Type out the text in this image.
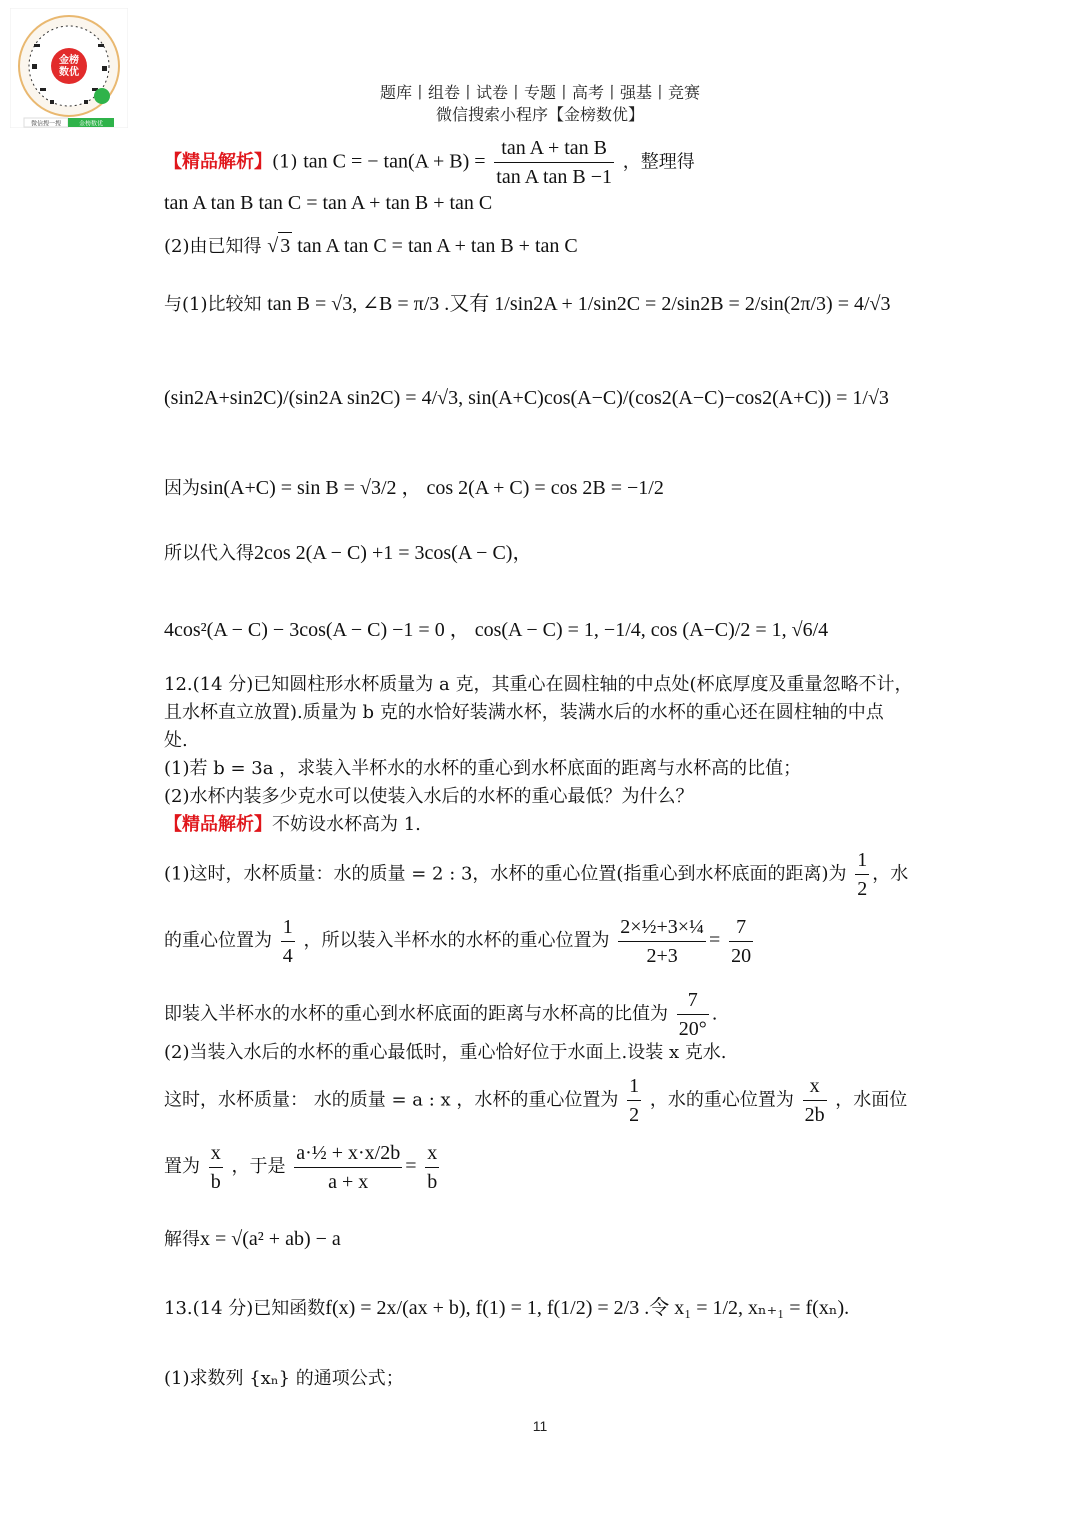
金榜
数优
微信搜一搜	金榜数优
题库丨组卷丨试卷丨专题丨高考丨强基丨竞赛
微信搜索小程序【金榜数优】
【精品解析】(1) tan C = − $\tan(A + B) = \frac{\text{tan A + tan B}}{\text{tan A tan B −1}}$ ，整理得
tan A tan B tan C = tan A + tan B + tan C
(2)由已知得 √ 3 tan A tan C = tan A + tan B + tan C
与(1)比较知 tan B = √3, ∠B = π/3 .又有 1/sin2A + 1/sin2C = 2/sin2B = 2/sin(2π/3) = 4/√3
(sin2A+sin2C)/(sin2A sin2C) = 4/√3, sin(A+C)cos(A−C)/(cos2(A−C)−cos2(A+C)) = 1/√3
因为sin(A+C) = sin B = √3/2 ， cos 2(A + C) = cos 2B = −1/2
所以代入得2cos 2(A − C) +1 = 3cos(A − C)，
4cos²(A − C) − 3cos(A − C) −1 = 0 ， cos(A − C) = 1, −1/4, cos (A−C)/2 = 1, √6/4
12.(14 分)已知圆柱形水杯质量为 a 克，其重心在圆柱轴的中点处(杯底厚度及重量忽略不计，
且水杯直立放置).质量为 b 克的水恰好装满水杯，装满水后的水杯的重心还在圆柱轴的中点
处.
(1)若 b = 3a ，求装入半杯水的水杯的重心到水杯底面的距离与水杯高的比值；
(2)水杯内装多少克水可以使装入水后的水杯的重心最低？为什么？
【精品解析】不妨设水杯高为 1.
(1)这时，水杯质量：水的质量 = 2 : 3，水杯的重心位置(指重心到水杯底面的距离)为 $\frac{1}{2}$ ，水
的重心位置为 $\frac{1}{4}$ ，所以装入半杯水的水杯的重心位置为 $\frac{\text{2×½+3×¼}}{2+3} = \frac{7}{20}$
即装入半杯水的水杯的重心到水杯底面的距离与水杯高的比值为 $\frac{7}{20^\circ}$ .
(2)当装入水后的水杯的重心最低时，重心恰好位于水面上.设装 x 克水.
这时，水杯质量： 水的质量 = a : x ，水杯的重心位置为 $\frac{1}{2}$ ，水的重心位置为 $\frac{x}{2b}$ ，水面位
置为 $\frac{x}{b}$ ，于是 $\frac{\text{a·½ + x·x/2b}}{a + x} = \frac{x}{b}$
解得x = √(a² + ab) − a
13.(14 分)已知函数f(x) = 2x/(ax + b), f(1) = 1, f(1/2) = 2/3 .令 x₁ = 1/2, xₙ₊₁ = f(xₙ).
(1)求数列 {xₙ} 的通项公式；
11
